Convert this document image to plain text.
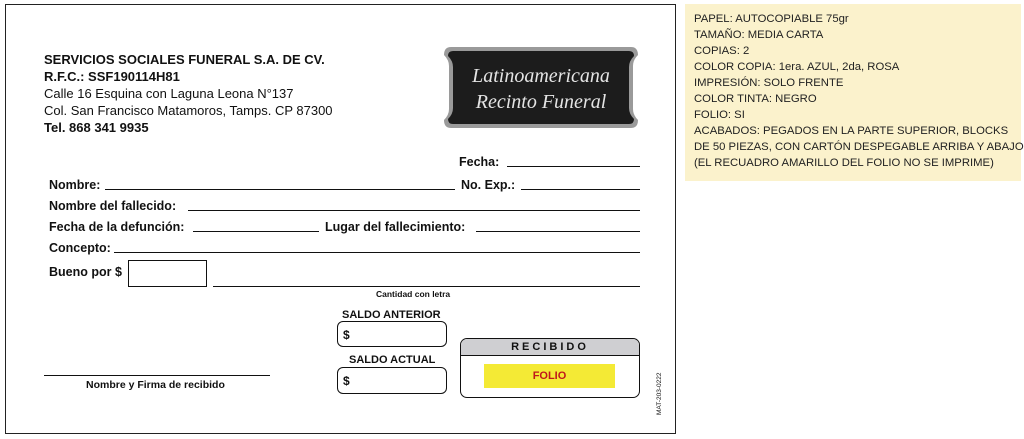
SERVICIOS SOCIALES FUNERAL S.A. DE CV.
R.F.C.: SSF190114H81
Calle 16 Esquina con Laguna Leona N°137
Col. San Francisco Matamoros, Tamps. CP 87300
Tel. 868 341 9935
Latinoamericana
Recinto Funeral
Fecha:
Nombre:	No. Exp.:
Nombre del fallecido:
Fecha de la defunción:	Lugar del fallecimiento:
Concepto:
Bueno por $
Cantidad con letra
SALDO ANTERIOR
$
SALDO ACTUAL
$
Nombre y Firma de recibido
RECIBIDO
FOLIO	MAT-203-0222
PAPEL: AUTOCOPIABLE 75gr
TAMAÑO: MEDIA CARTA
COPIAS: 2
COLOR COPIA: 1era. AZUL, 2da, ROSA
IMPRESIÓN: SOLO FRENTE
COLOR TINTA: NEGRO
FOLIO: SI
ACABADOS: PEGADOS EN LA PARTE SUPERIOR, BLOCKS
DE 50 PIEZAS, CON CARTÓN DESPEGABLE ARRIBA Y ABAJO
(EL RECUADRO AMARILLO DEL FOLIO NO SE IMPRIME)
